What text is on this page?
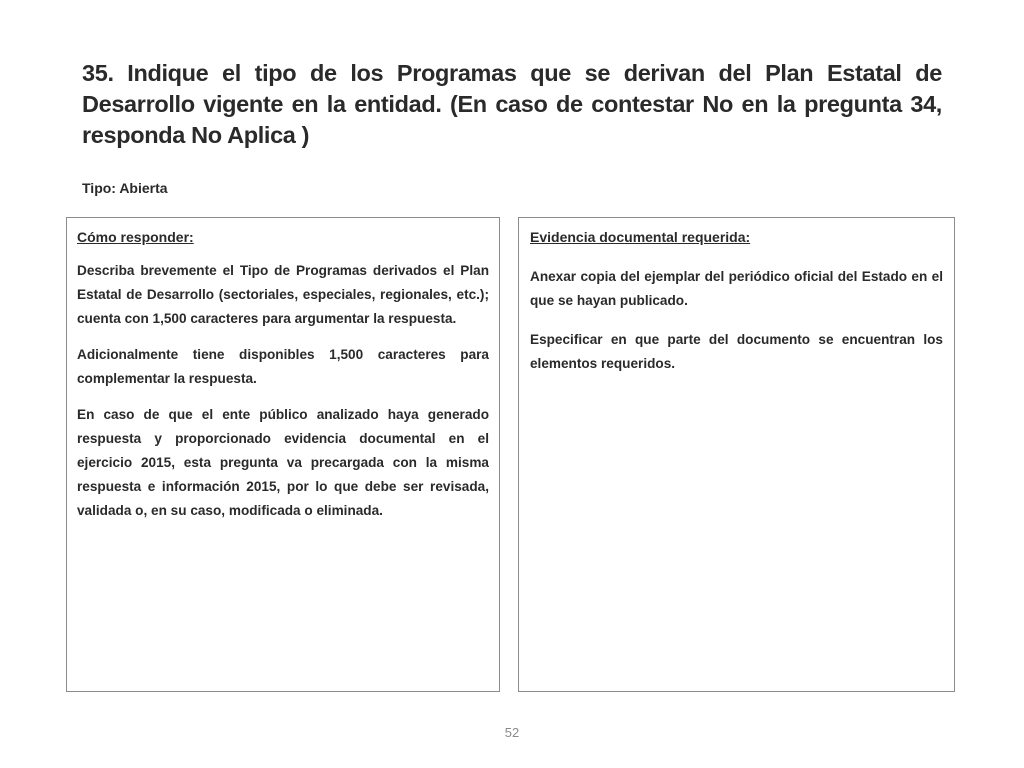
35. Indique el tipo de los Programas que se derivan del Plan Estatal de Desarrollo vigente en la entidad. (En caso de contestar No en la pregunta 34, responda No Aplica )

Tipo: Abierta

Cómo responder:

Describa brevemente el Tipo de Programas derivados el Plan Estatal de Desarrollo (sectoriales, especiales, regionales, etc.); cuenta con 1,500 caracteres para argumentar la respuesta.

Adicionalmente tiene disponibles 1,500 caracteres para complementar la respuesta.

En caso de que el ente público analizado haya generado respuesta y proporcionado evidencia documental en el ejercicio 2015, esta pregunta va precargada con la misma respuesta e información 2015, por lo que debe ser revisada, validada o, en su caso, modificada o eliminada.

Evidencia documental requerida:

Anexar copia del ejemplar del periódico oficial del Estado en el que se hayan publicado.

Especificar en que parte del documento se encuentran los elementos requeridos.

52
